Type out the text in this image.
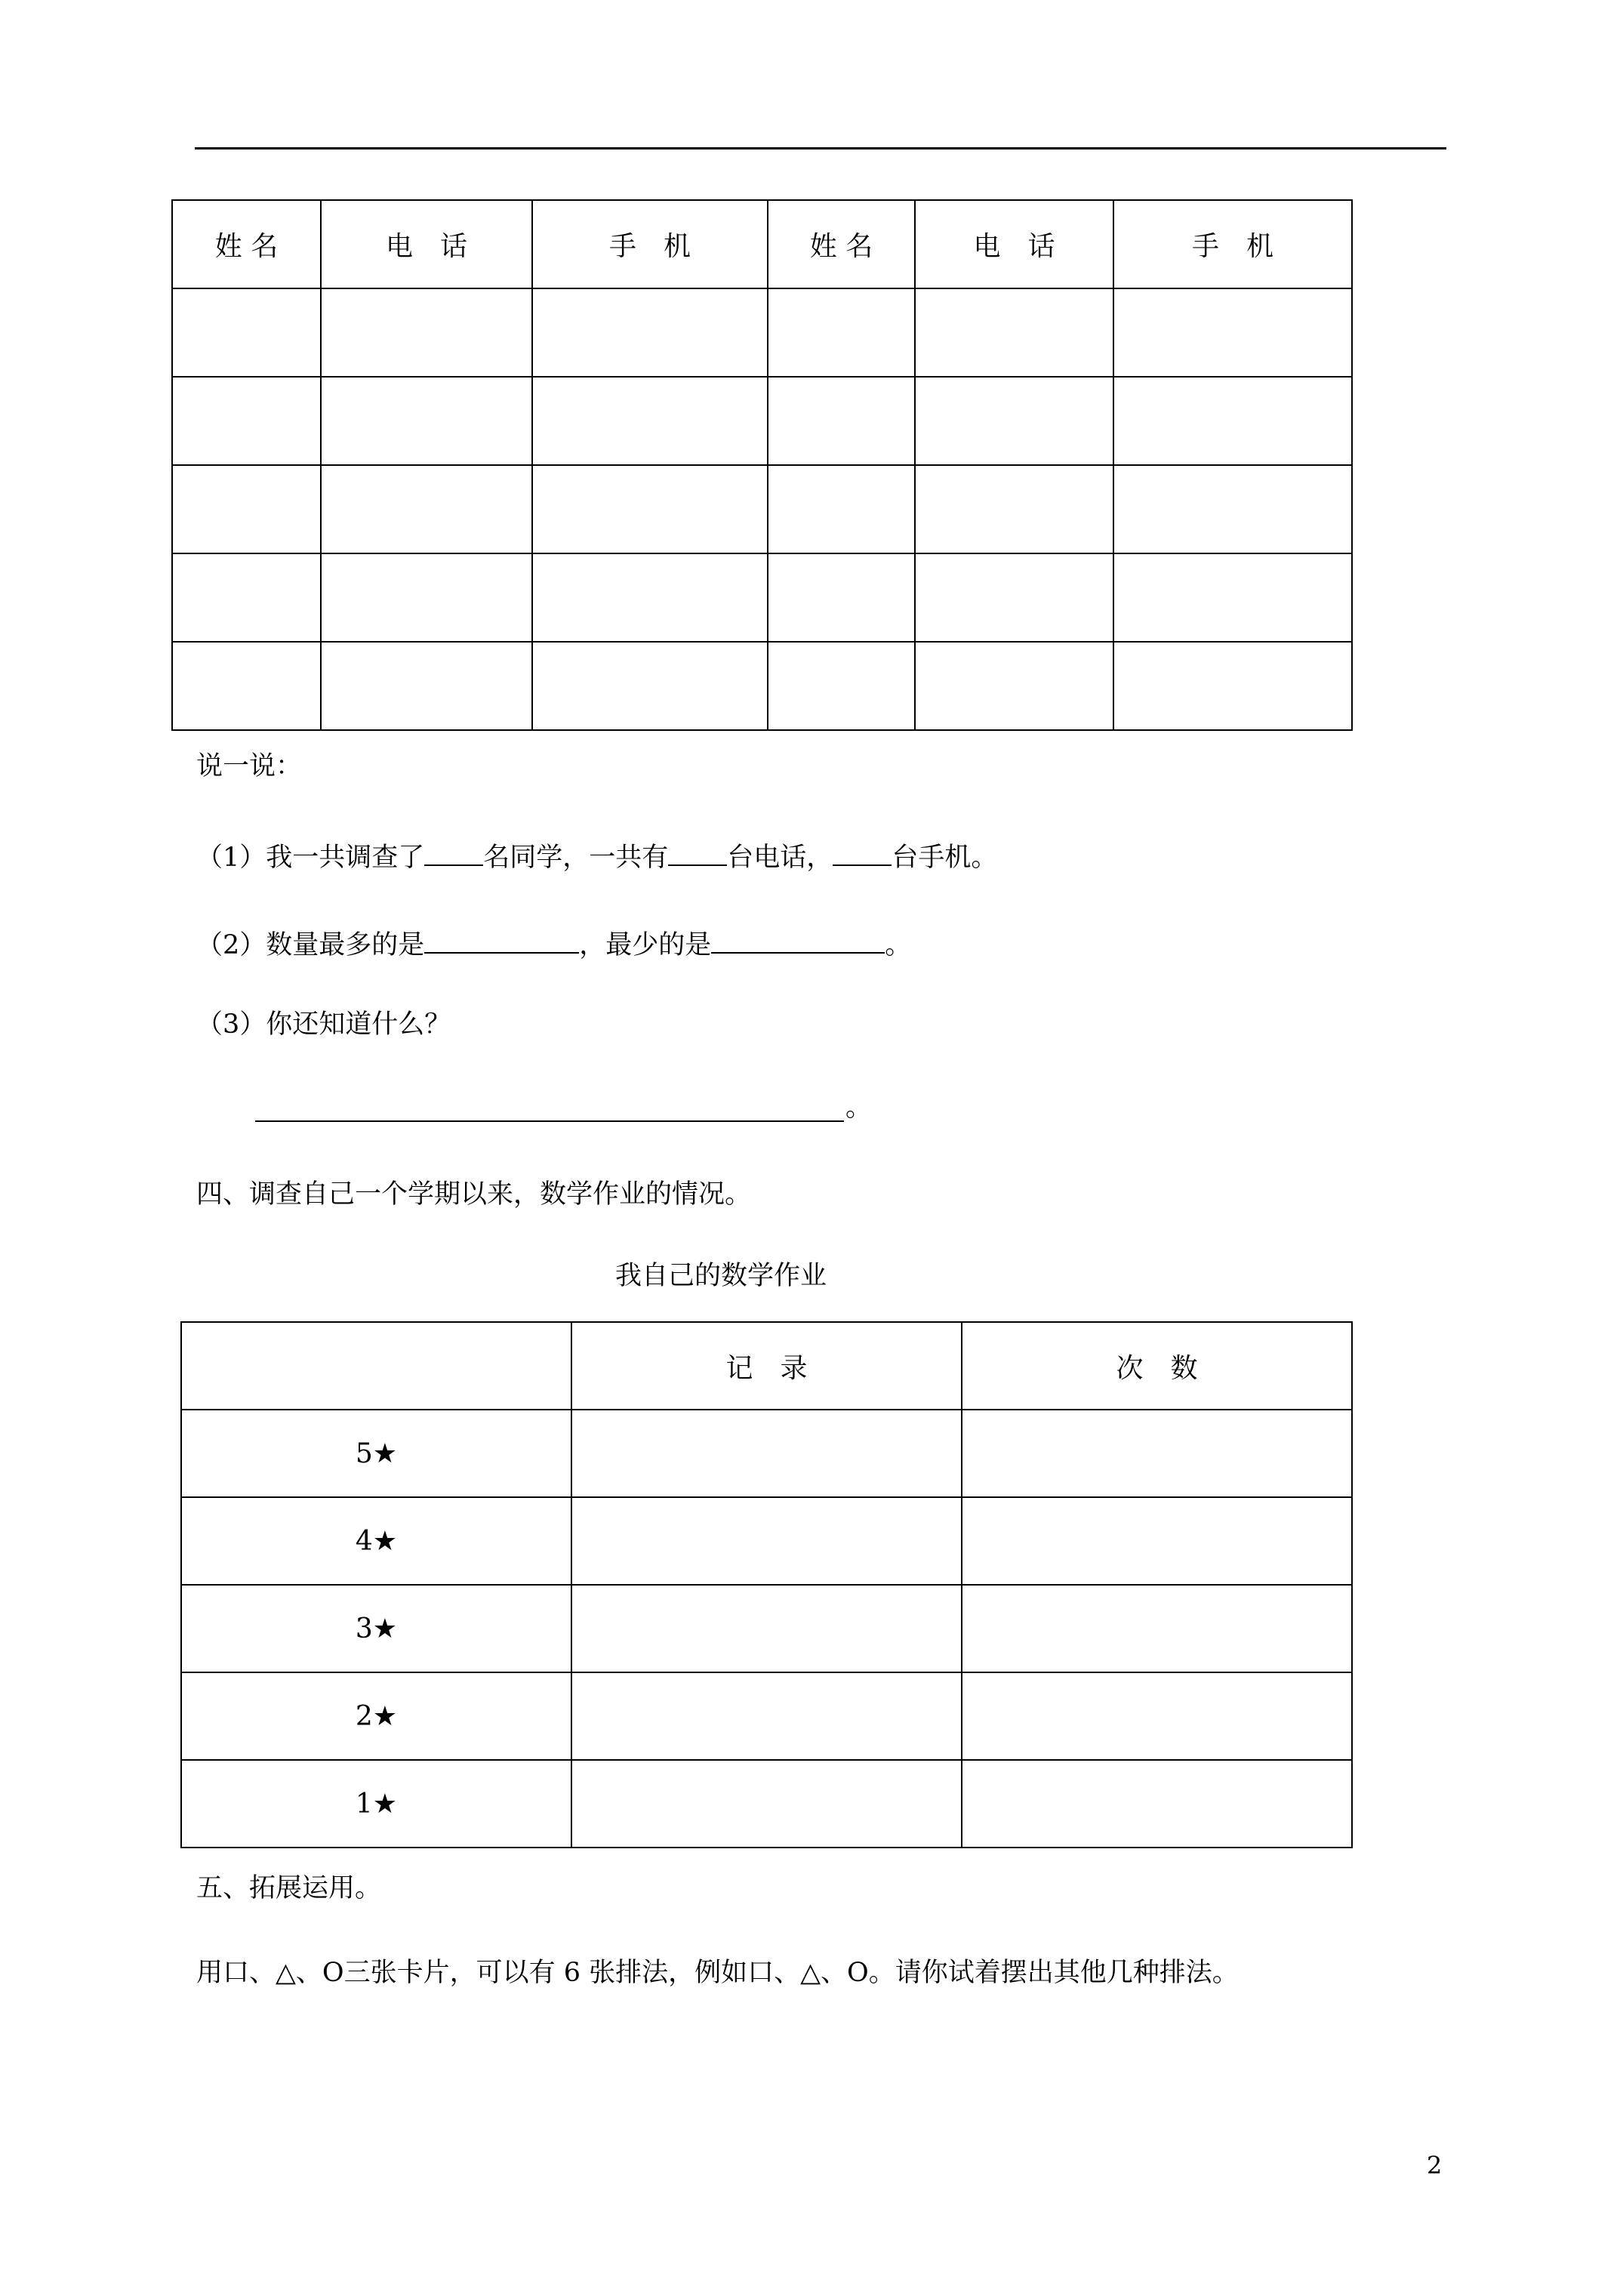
姓 名	电　话	手　机	姓 名	电　话	手　机

说一说：
（1）我一共调查了 名同学，一共有 台电话， 台手机。
（2）数量最多的是	，最少的是	。
（3）你还知道什么？
。
四、调查自己一个学期以来，数学作业的情况。
我自己的数学作业
	记　录	次　数
5★		
4★		
3★		
2★		
1★		
五、拓展运用。
用口、△、O三张卡片，可以有 6 张排法，例如口、△、O。请你试着摆出其他几种排法。
2
